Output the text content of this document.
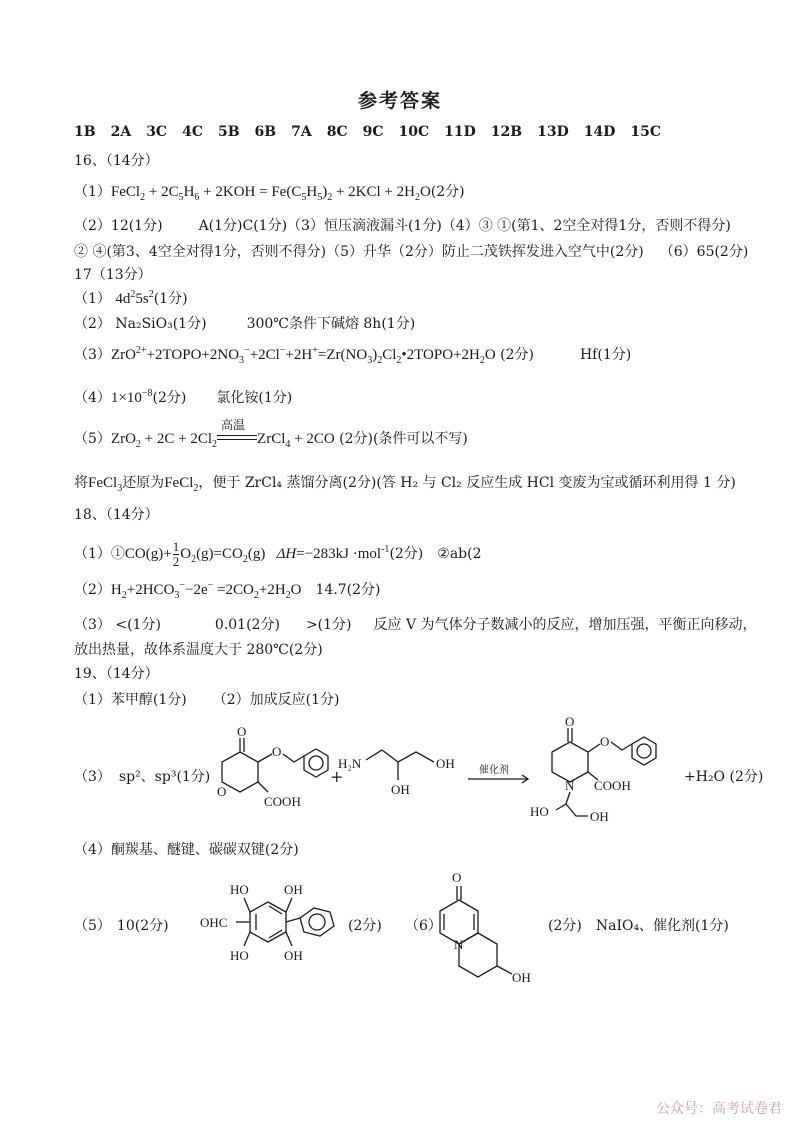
参考答案
1B 2A 3C 4C 5B 6B 7A 8C 9C 10C 11D 12B 13D 14D 15C
16、（14分）
（1）FeCl$_2$ + $2C_5H_6 + 2KOH = Fe(C_5H_5)_2 + 2KCl + 2H_2O(2$分)
（2）12(1分)	A(1分)C(1分)（3）恒压滴液漏斗(1分)（4）③ ①(第1、2空全对得1分，否则不得分)
② ④(第3、4空全对得1分，否则不得分)（5）升华（2分）防止二茂铁挥发进入空气中(2分) （6）65(2分)
17（13分）
（1） $4d^25s^2(1$分)
（2） Na₂SiO₃(1分)	300℃条件下碱熔 8h(1分)
$(3)ZrO^{2+}+2TOPO+2NO_3^-+2Cl^-+2H^+=Zr(NO_3)_2Cl_2•2TOPO+2H_2O$ (2分)	Hf(1分)
$(4)1\times 10^{-8}(2$分) 氯化铵(1分)
$(5)ZrO_2 + 2C + 2Cl_2$
高温
ZrCl$_4$ + 2CO (2分)(条件可以不写)
将FeCl$_3$还原为FeCl$_2$，便于 ZrCl₄ 蒸馏分离(2分)(答 H₂ 与 Cl₂ 反应生成 HCl 变废为宝或循环利用得 1 分)
18、（14分）
（1）①CO(g)+ $\frac{1}{2} O_2(g)=CO_2(g)$   ΔH=−283kJ ·mol$^{-1}$(2分) ②ab(2
$(2)H_2+2HCO_3^--2e^- =2CO_2+2H_2O$ 14.7(2分)
（3） <(1分)	0.01(2分) >(1分) 反应 V 为气体分子数减小的反应，增加压强，平衡正向移动，
放出热量，故体系温度大于 280℃(2分)
19、（14分）
（1）苯甲醇(1分) （2）加成反应(1分)
（3） sp²、sp³(1分)
O
O
O
COOH
+
H₂N
OH
OH 催化剂
O
O
N COOH
HO	OH
+H₂O (2分)
（4）酮羰基、醚键、碳碳双键(2分)
（5） 10(2分)
HO	OH
HO	OH
OHC	(2分) （6）
O
N
OH
(2分) NaIO₄、催化剂(1分)
公众号：高考试卷君
